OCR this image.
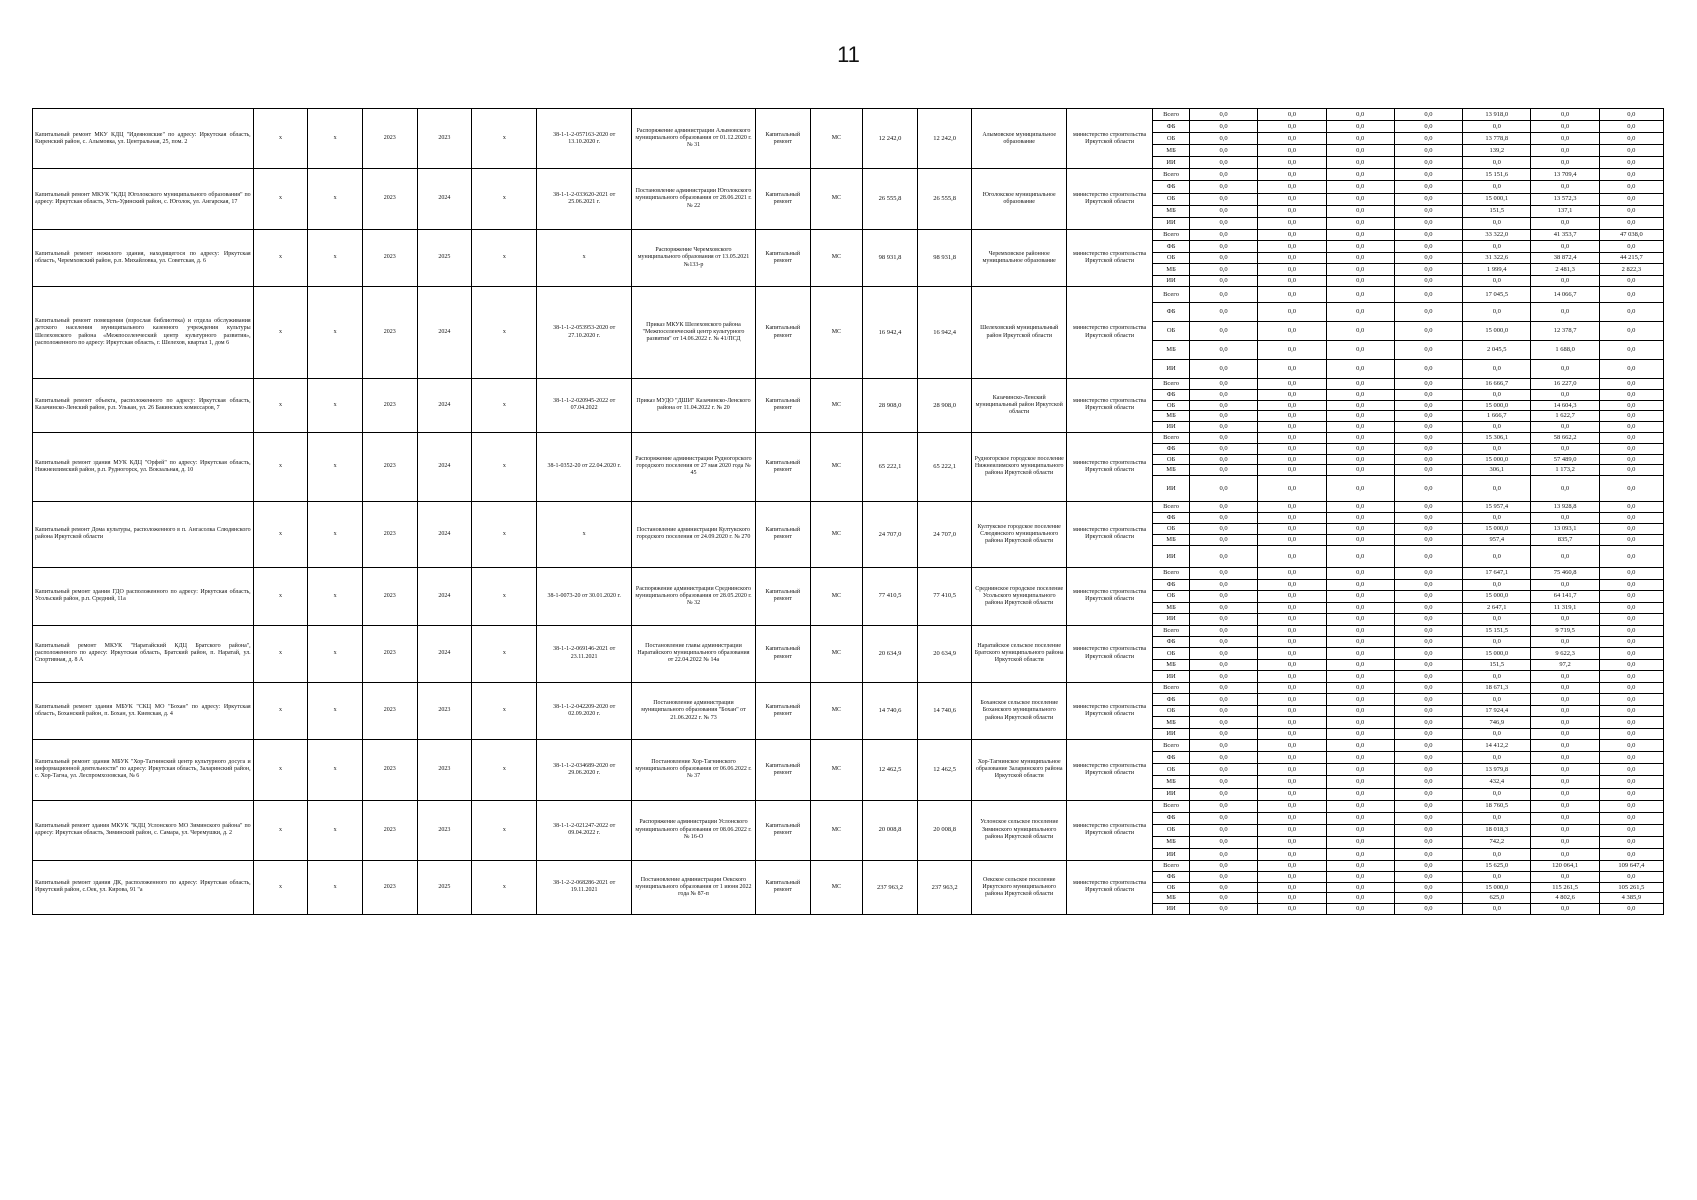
11
Капитальный ремонт МКУ КДЦ "Идеяновские" по адресу: Иркутская область, Киренский район, с. Алымовка, ул. Центральная, 25, пом. 2	х	х	2023	2023	х	38-1-1-2-057163-2020 от 13.10.2020 г.	Распоряжение администрации Алымовского муниципального образования от 01.12.2020 г. № 31	Капитальный ремонт	МС	12 242,0	12 242,0	Алымовское муниципальное образование	министерство строительства Иркутской области	Всего	0,0	0,0	0,0	0,0	13 918,0	0,0	0,0
														ФБ	0,0	0,0	0,0	0,0	0,0	0,0	0,0
														ОБ	0,0	0,0	0,0	0,0	13 778,8	0,0	0,0
														МБ	0,0	0,0	0,0	0,0	139,2	0,0	0,0
														ИИ	0,0	0,0	0,0	0,0	0,0	0,0	0,0
Капитальный ремонт МКУК "КДЦ Юголокского муниципального образования" по адресу: Иркутская область, Усть-Удинский район, с. Юголок, ул. Ангарская, 17	х	х	2023	2024	х	38-1-1-2-033620-2021 от 25.06.2021 г.	Постановление администрации Юголокского муниципального образования от 28.06.2021 г. № 22	Капитальный ремонт	МС	26 555,8	26 555,8	Юголокское муниципальное образование	министерство строительства Иркутской области	Всего	0,0	0,0	0,0	0,0	15 151,6	13 709,4	0,0
														ФБ	0,0	0,0	0,0	0,0	0,0	0,0	0,0
														ОБ	0,0	0,0	0,0	0,0	15 000,1	13 572,3	0,0
														МБ	0,0	0,0	0,0	0,0	151,5	137,1	0,0
														ИИ	0,0	0,0	0,0	0,0	0,0	0,0	0,0
Капитальный ремонт нежилого здания, находящегося по адресу: Иркутская область, Черемховский район, р.п. Михайловка, ул. Советская, д. 6	х	х	2023	2025	х	х	Распоряжение Черемховского муниципального образования от 13.05.2021 №133-р	Капитальный ремонт	МС	98 931,8	98 931,8	Черемховское районное муниципальное образование	министерство строительства Иркутской области	Всего	0,0	0,0	0,0	0,0	33 322,0	41 353,7	47 038,0
														ФБ	0,0	0,0	0,0	0,0	0,0	0,0	0,0
														ОБ	0,0	0,0	0,0	0,0	31 322,6	38 872,4	44 215,7
														МБ	0,0	0,0	0,0	0,0	1 999,4	2 481,3	2 822,3
														ИИ	0,0	0,0	0,0	0,0	0,0	0,0	0,0
Капитальный ремонт помещения (взрослая библиотека) и отдела обслуживания детского населения муниципального казенного учреждения культуры Шелеховского района «Межпоселенческий центр культурного развития», расположенного по адресу: Иркутская область, г. Шелехов, квартал 1, дом 6	х	х	2023	2024	х	38-1-1-2-053953-2020 от 27.10.2020 г.	Приказ МКУК Шелеховского района "Межпоселенческий центр культурного развития" от 14.06.2022 г. № 41/ПСД	Капитальный ремонт	МС	16 942,4	16 942,4	Шелеховский муниципальный район Иркутской области	министерство строительства Иркутской области	Всего	0,0	0,0	0,0	0,0	17 045,5	14 066,7	0,0
														ФБ	0,0	0,0	0,0	0,0	0,0	0,0	0,0
														ОБ	0,0	0,0	0,0	0,0	15 000,0	12 378,7	0,0
														МБ	0,0	0,0	0,0	0,0	2 045,5	1 688,0	0,0
														ИИ	0,0	0,0	0,0	0,0	0,0	0,0	0,0
Капитальный ремонт объекта, расположенного по адресу: Иркутская область, Казачинско-Ленский район, р.п. Улькан, ул. 26 Бакинских комиссаров, 7	х	х	2023	2024	х	38-1-1-2-020945-2022 от 07.04.2022	Приказ МУДО "ДШИ" Казачинско-Ленского района от 11.04.2022 г. № 20	Капитальный ремонт	МС	28 908,0	28 908,0	Казачинско-Ленский муниципальный район Иркутской области	министерство строительства Иркутской области	Всего	0,0	0,0	0,0	0,0	16 666,7	16 227,0	0,0
														ФБ	0,0	0,0	0,0	0,0	0,0	0,0	0,0
														ОБ	0,0	0,0	0,0	0,0	15 000,0	14 604,3	0,0
														МБ	0,0	0,0	0,0	0,0	1 666,7	1 622,7	0,0
														ИИ	0,0	0,0	0,0	0,0	0,0	0,0	0,0
Капитальный ремонт здания МУК КДЦ "Орфей" по адресу: Иркутская область, Нижнеилимский район, р.п. Рудногорск, ул. Вокзальная, д. 10	х	х	2023	2024	х	38-1-0352-20 от 22.04.2020 г.	Распоряжение администрации Рудногорского городского поселения от 27 мая 2020 года № 45	Капитальный ремонт	МС	65 222,1	65 222,1	Рудногорское городское поселение Нижнеилимского муниципального района Иркутской области	министерство строительства Иркутской области	Всего	0,0	0,0	0,0	0,0	15 306,1	58 662,2	0,0
														ФБ	0,0	0,0	0,0	0,0	0,0	0,0	0,0
														ОБ	0,0	0,0	0,0	0,0	15 000,0	57 489,0	0,0
														МБ	0,0	0,0	0,0	0,0	306,1	1 173,2	0,0
														ИИ	0,0	0,0	0,0	0,0	0,0	0,0	0,0
Капитальный ремонт Дома культуры, расположенного в п. Ангасолка Слюдянского района Иркутской области	х	х	2023	2024	х	х	Постановление администрации Култукского городского поселения от 24.09.2020 г. № 270	Капитальный ремонт	МС	24 707,0	24 707,0	Култукское городское поселение Слюдянского муниципального района Иркутской области	министерство строительства Иркутской области	Всего	0,0	0,0	0,0	0,0	15 957,4	13 928,8	0,0
														ФБ	0,0	0,0	0,0	0,0	0,0	0,0	0,0
														ОБ	0,0	0,0	0,0	0,0	15 000,0	13 093,1	0,0
														МБ	0,0	0,0	0,0	0,0	957,4	835,7	0,0
														ИИ	0,0	0,0	0,0	0,0	0,0	0,0	0,0
Капитальный ремонт здания ГДО расположенного по адресу: Иркутская область, Усольский район, р.п. Средний, 11а	х	х	2023	2024	х	38-1-0073-20 от 30.01.2020 г.	Распоряжение администрации Среднинского муниципального образования от 28.05.2020 г. № 32	Капитальный ремонт	МС	77 410,5	77 410,5	Среднинское городское поселение Усольского муниципального района Иркутской области	министерство строительства Иркутской области	Всего	0,0	0,0	0,0	0,0	17 647,1	75 460,8	0,0
														ФБ	0,0	0,0	0,0	0,0	0,0	0,0	0,0
														ОБ	0,0	0,0	0,0	0,0	15 000,0	64 141,7	0,0
														МБ	0,0	0,0	0,0	0,0	2 647,1	11 319,1	0,0
														ИИ	0,0	0,0	0,0	0,0	0,0	0,0	0,0
Капитальный ремонт МКУК "Наратайский КДЦ Братского района", расположенного по адресу: Иркутская область, Братский район, п. Наратай, ул. Спортивная, д. 8 А	х	х	2023	2024	х	38-1-1-2-069146-2021 от 23.11.2021	Постановление главы администрации Наратайского муниципального образования от 22.04.2022 № 14а	Капитальный ремонт	МС	20 634,9	20 634,9	Наратайское сельское поселение Братского муниципального района Иркутской области	министерство строительства Иркутской области	Всего	0,0	0,0	0,0	0,0	15 151,5	9 719,5	0,0
														ФБ	0,0	0,0	0,0	0,0	0,0	0,0	0,0
														ОБ	0,0	0,0	0,0	0,0	15 000,0	9 622,3	0,0
														МБ	0,0	0,0	0,0	0,0	151,5	97,2	0,0
														ИИ	0,0	0,0	0,0	0,0	0,0	0,0	0,0
Капитальный ремонт здания МБУК "СКЦ МО "Бохан" по адресу: Иркутская область, Боханский район, п. Бохан, ул. Киевская, д. 4	х	х	2023	2023	х	38-1-1-2-042209-2020 от 02.09.2020 г.	Постановление администрации муниципального образования "Бохан" от 21.06.2022 г. № 73	Капитальный ремонт	МС	14 740,6	14 740,6	Боханское сельское поселение Боханского муниципального района Иркутской области	министерство строительства Иркутской области	Всего	0,0	0,0	0,0	0,0	18 671,3	0,0	0,0
														ФБ	0,0	0,0	0,0	0,0	0,0	0,0	0,0
														ОБ	0,0	0,0	0,0	0,0	17 924,4	0,0	0,0
														МБ	0,0	0,0	0,0	0,0	746,9	0,0	0,0
														ИИ	0,0	0,0	0,0	0,0	0,0	0,0	0,0
Капитальный ремонт здания МБУК "Хор-Тагнинский центр культурного досуга и информационной деятельности" по адресу: Иркутская область, Заларинский район, с. Хор-Тагна, ул. Леспромхозовская, № 6	х	х	2023	2023	х	38-1-1-2-034689-2020 от 29.06.2020 г.	Постановление Хор-Тагнинского муниципального образования от 06.06.2022 г. № 37	Капитальный ремонт	МС	12 462,5	12 462,5	Хор-Тагнинское муниципальное образование Заларинского района Иркутской области	министерство строительства Иркутской области	Всего	0,0	0,0	0,0	0,0	14 412,2	0,0	0,0
														ФБ	0,0	0,0	0,0	0,0	0,0	0,0	0,0
														ОБ	0,0	0,0	0,0	0,0	13 979,8	0,0	0,0
														МБ	0,0	0,0	0,0	0,0	432,4	0,0	0,0
														ИИ	0,0	0,0	0,0	0,0	0,0	0,0	0,0
Капитальный ремонт здания МКУК "КДЦ Услонского МО Зиминского района" по адресу: Иркутская область, Зиминский район, с. Самара, ул. Черемушки, д. 2	х	х	2023	2023	х	38-1-1-2-021247-2022 от 09.04.2022 г.	Распоряжение администрации Услонского муниципального образования от 08.06.2022 г. № 16-О	Капитальный ремонт	МС	20 008,8	20 008,8	Услонское сельское поселение Зиминского муниципального района Иркутской области	министерство строительства Иркутской области	Всего	0,0	0,0	0,0	0,0	18 760,5	0,0	0,0
														ФБ	0,0	0,0	0,0	0,0	0,0	0,0	0,0
														ОБ	0,0	0,0	0,0	0,0	18 018,3	0,0	0,0
														МБ	0,0	0,0	0,0	0,0	742,2	0,0	0,0
														ИИ	0,0	0,0	0,0	0,0	0,0	0,0	0,0
Капитальный ремонт здания ДК, расположенного по адресу: Иркутская область, Иркутский район, с.Оек, ул. Кирова, 91 "а	х	х	2023	2025	х	38-1-2-2-068286-2021 от 19.11.2021	Постановление администрации Оекского муниципального образования от 1 июня 2022 года № 87-п	Капитальный ремонт	МС	237 963,2	237 963,2	Оекское сельское поселение Иркутского муниципального района Иркутской области	министерство строительства Иркутской области	Всего	0,0	0,0	0,0	0,0	15 625,0	120 064,1	109 647,4
														ФБ	0,0	0,0	0,0	0,0	0,0	0,0	0,0
														ОБ	0,0	0,0	0,0	0,0	15 000,0	115 261,5	105 261,5
														МБ	0,0	0,0	0,0	0,0	625,0	4 802,6	4 385,9
														ИИ	0,0	0,0	0,0	0,0	0,0	0,0	0,0
